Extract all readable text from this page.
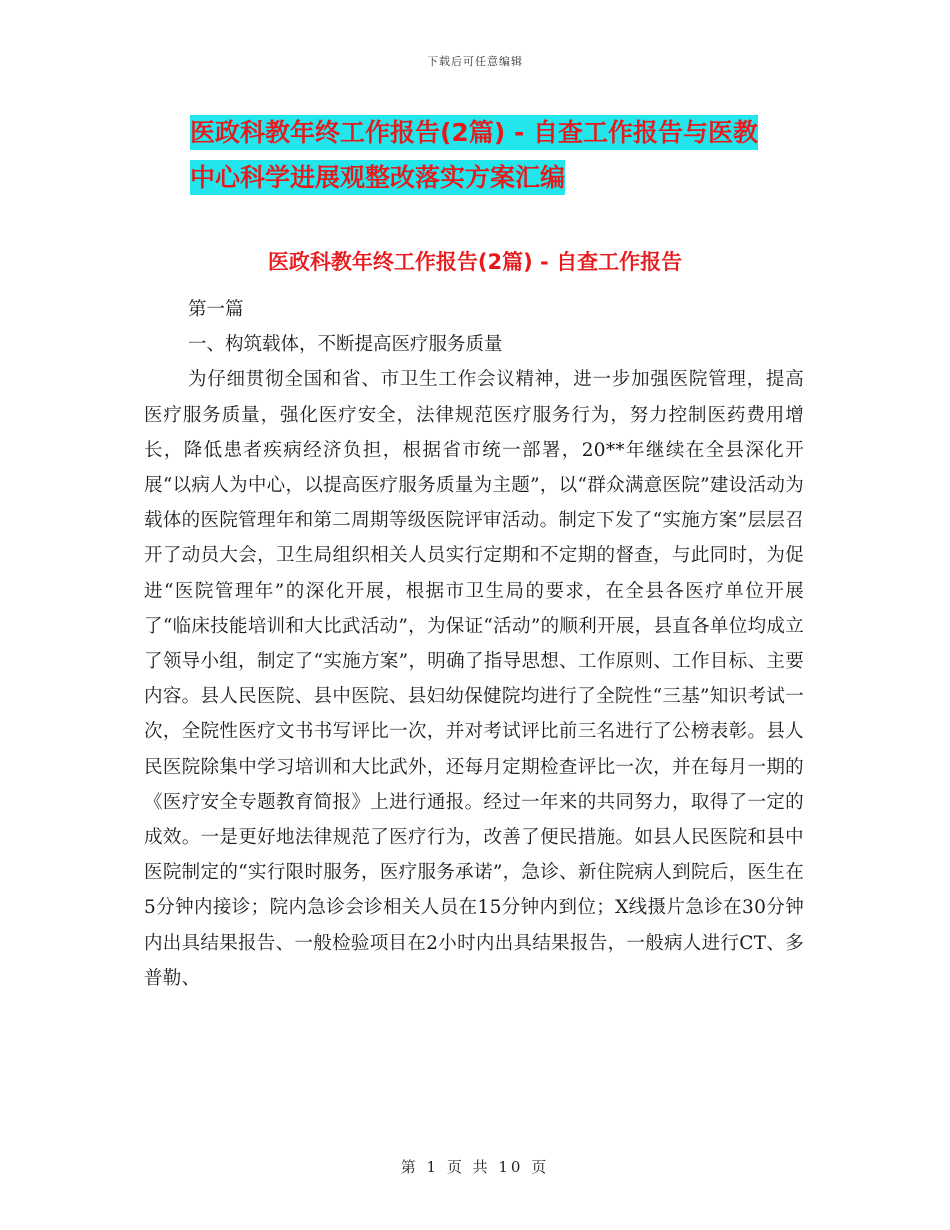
下载后可任意编辑
医政科教年终工作报告(2篇) - 自查工作报告与医教
中心科学进展观整改落实方案汇编
医政科教年终工作报告(2篇) - 自查工作报告

第一篇

一、构筑载体，不断提高医疗服务质量

为仔细贯彻全国和省、市卫生工作会议精神，进一步加强医院管理，提高医疗服务质量，强化医疗安全，法律规范医疗服务行为，努力控制医药费用增长，降低患者疾病经济负担，根据省市统一部署，20**年继续在全县深化开展“以病人为中心，以提高医疗服务质量为主题”，以“群众满意医院”建设活动为载体的医院管理年和第二周期等级医院评审活动。制定下发了“实施方案”层层召开了动员大会，卫生局组织相关人员实行定期和不定期的督查，与此同时，为促进“医院管理年”的深化开展，根据市卫生局的要求，在全县各医疗单位开展了“临床技能培训和大比武活动”，为保证“活动”的顺利开展，县直各单位均成立了领导小组，制定了“实施方案”，明确了指导思想、工作原则、工作目标、主要内容。县人民医院、县中医院、县妇幼保健院均进行了全院性“三基”知识考试一次，全院性医疗文书书写评比一次，并对考试评比前三名进行了公榜表彰。县人民医院除集中学习培训和大比武外，还每月定期检查评比一次，并在每月一期的《医疗安全专题教育简报》上进行通报。经过一年来的共同努力，取得了一定的成效。一是更好地法律规范了医疗行为，改善了便民措施。如县人民医院和县中医院制定的“实行限时服务，医疗服务承诺”，急诊、新住院病人到院后，医生在5分钟内接诊；院内急诊会诊相关人员在15分钟内到位；X线摄片急诊在30分钟内出具结果报告、一般检验项目在2小时内出具结果报告，一般病人进行CT、多普勒、

第 1 页 共 10 页
